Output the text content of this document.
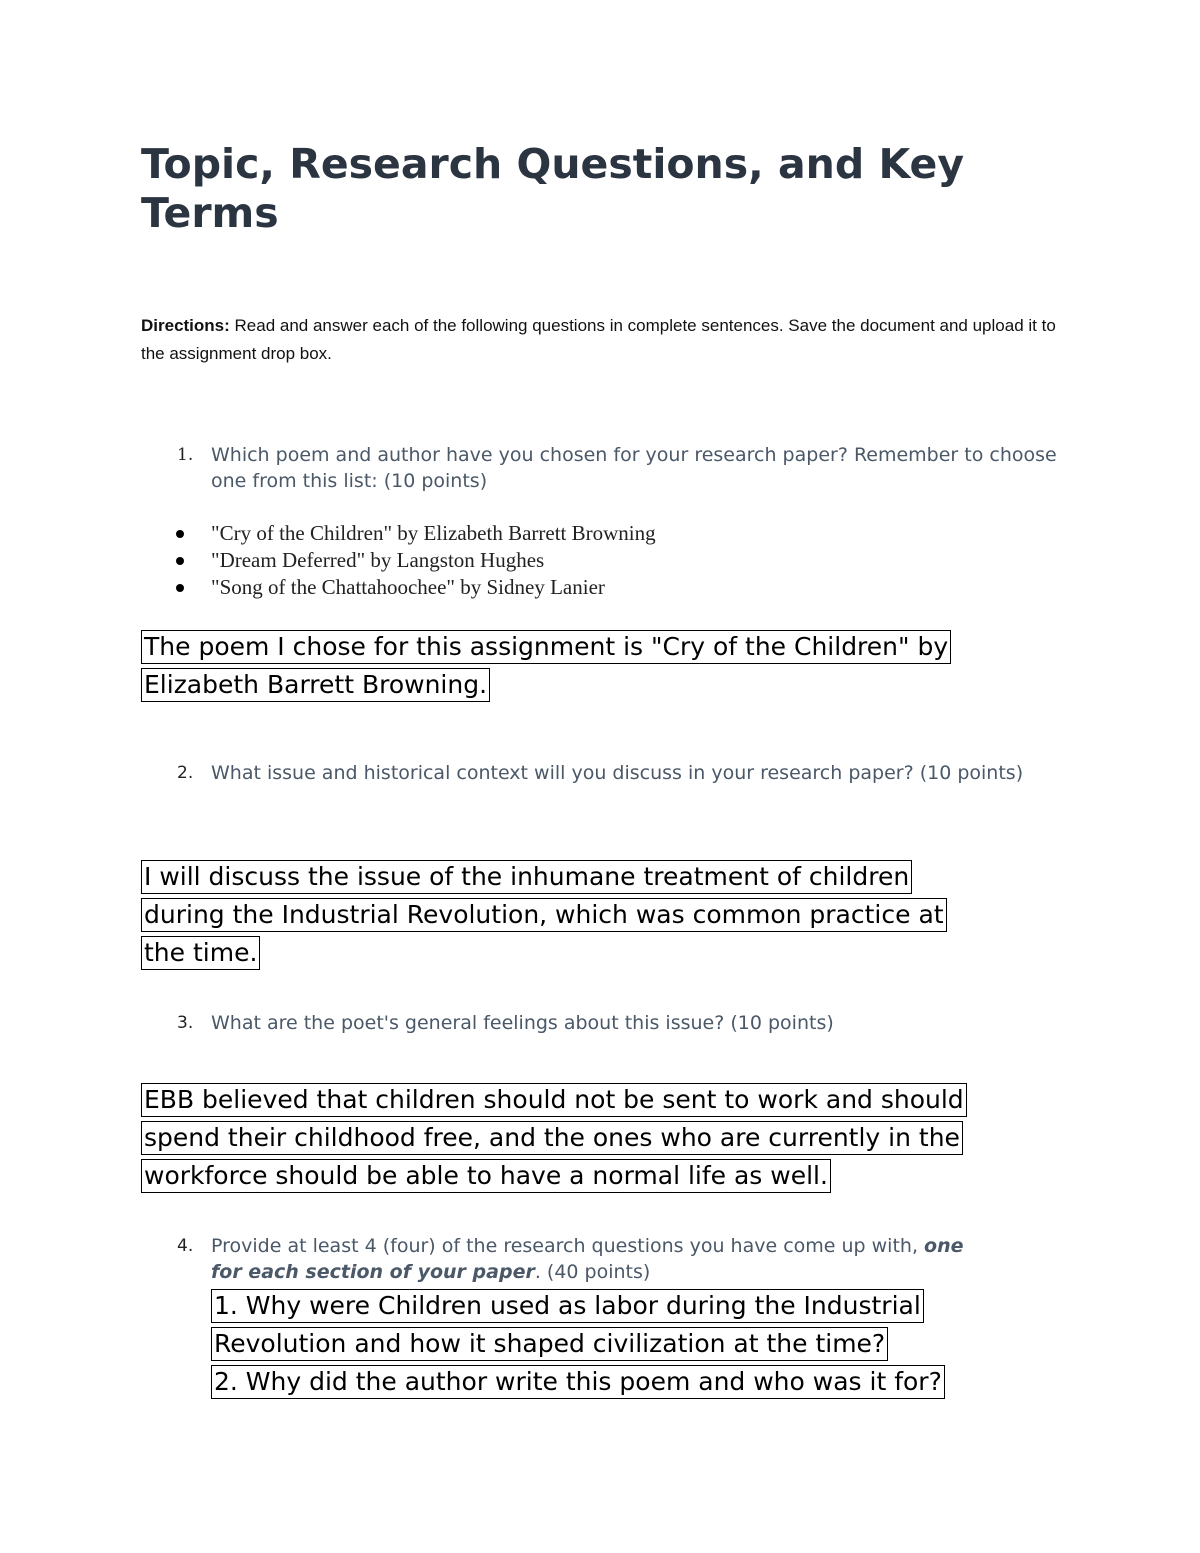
Topic, Research Questions, and Key Terms
Directions: Read and answer each of the following questions in complete sentences. Save the document and upload it to the assignment drop box.
1. Which poem and author have you chosen for your research paper? Remember to choose one from this list: (10 points)
"Cry of the Children" by Elizabeth Barrett Browning
"Dream Deferred" by Langston Hughes
"Song of the Chattahoochee" by Sidney Lanier
The poem I chose for this assignment is "Cry of the Children" by
Elizabeth Barrett Browning.
2. What issue and historical context will you discuss in your research paper? (10 points)
I will discuss the issue of the inhumane treatment of children
during the Industrial Revolution, which was common practice at
the time.
3. What are the poet's general feelings about this issue? (10 points)
EBB believed that children should not be sent to work and should
spend their childhood free, and the ones who are currently in the
workforce should be able to have a normal life as well.
4. Provide at least 4 (four) of the research questions you have come up with, one for each section of your paper. (40 points)
1. Why were Children used as labor during the Industrial
Revolution and how it shaped civilization at the time?
2. Why did the author write this poem and who was it for?
